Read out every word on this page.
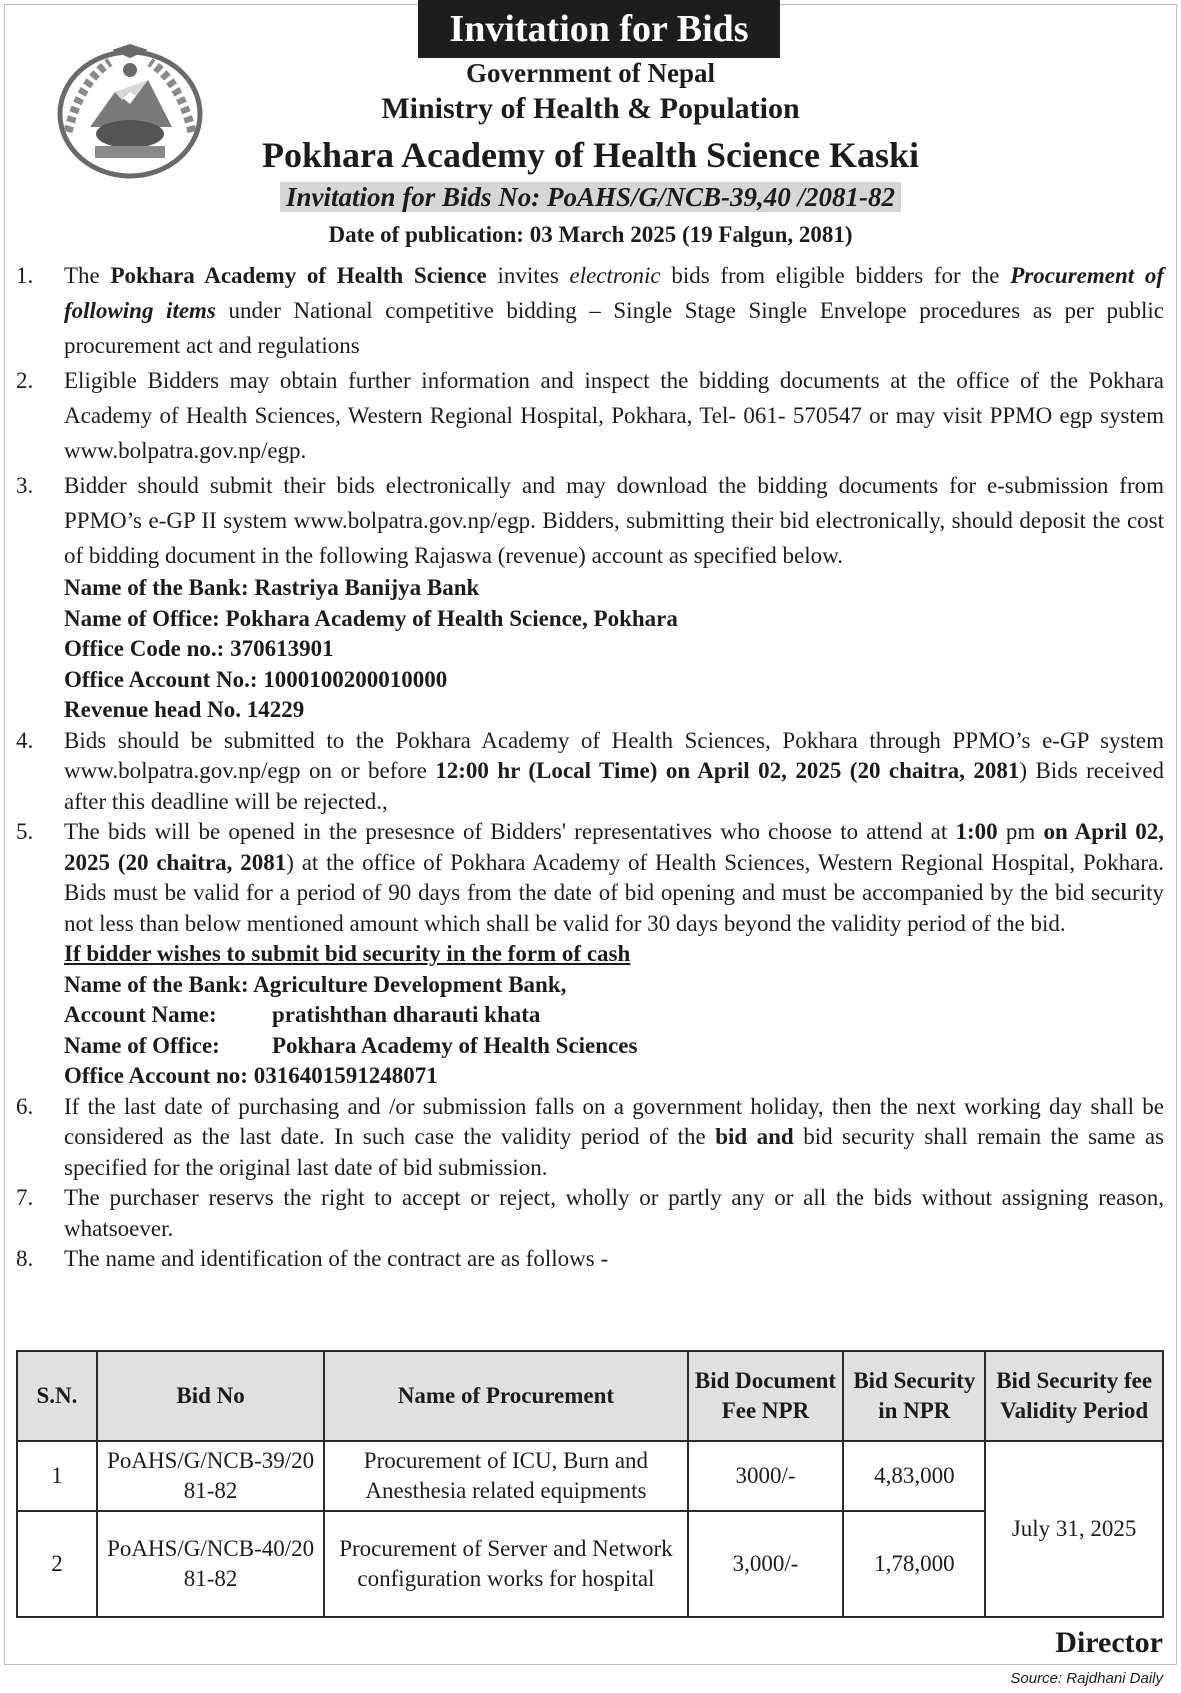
Invitation for Bids
Government of Nepal
Ministry of Health & Population
Pokhara Academy of Health Science Kaski
Invitation for Bids No: PoAHS/G/NCB-39,40 /2081-82
Date of publication: 03 March 2025 (19 Falgun, 2081)
1. The Pokhara Academy of Health Science invites electronic bids from eligible bidders for the Procurement of following items under National competitive bidding – Single Stage Single Envelope procedures as per public procurement act and regulations
2. Eligible Bidders may obtain further information and inspect the bidding documents at the office of the Pokhara Academy of Health Sciences, Western Regional Hospital, Pokhara, Tel- 061- 570547 or may visit PPMO egp system www.bolpatra.gov.np/egp.
3. Bidder should submit their bids electronically and may download the bidding documents for e-submission from PPMO’s e-GP II system www.bolpatra.gov.np/egp. Bidders, submitting their bid electronically, should deposit the cost of bidding document in the following Rajaswa (revenue) account as specified below.
Name of the Bank: Rastriya Banijya Bank
Name of Office: Pokhara Academy of Health Science, Pokhara
Office Code no.: 370613901
Office Account No.: 1000100200010000
Revenue head No. 14229
4. Bids should be submitted to the Pokhara Academy of Health Sciences, Pokhara through PPMO’s e-GP system www.bolpatra.gov.np/egp on or before 12:00 hr (Local Time) on April 02, 2025 (20 chaitra, 2081) Bids received after this deadline will be rejected.,
5. The bids will be opened in the presesnce of Bidders' representatives who choose to attend at 1:00 pm on April 02, 2025 (20 chaitra, 2081) at the office of Pokhara Academy of Health Sciences, Western Regional Hospital, Pokhara. Bids must be valid for a period of 90 days from the date of bid opening and must be accompanied by the bid security not less than below mentioned amount which shall be valid for 30 days beyond the validity period of the bid.
If bidder wishes to submit bid security in the form of cash
Name of the Bank: Agriculture Development Bank,
Account Name: pratishthan dharauti khata
Name of Office: Pokhara Academy of Health Sciences
Office Account no: 0316401591248071
6. If the last date of purchasing and /or submission falls on a government holiday, then the next working day shall be considered as the last date. In such case the validity period of the bid and bid security shall remain the same as specified for the original last date of bid submission.
7. The purchaser reservs the right to accept or reject, wholly or partly any or all the bids without assigning reason, whatsoever.
8. The name and identification of the contract are as follows -
S.N.	Bid No	Name of Procurement	Bid Document Fee NPR	Bid Security in NPR	Bid Security fee Validity Period
1	PoAHS/G/NCB-39/2081-82	Procurement of ICU, Burn and Anesthesia related equipments	3000/-	4,83,000	July 31, 2025
2	PoAHS/G/NCB-40/2081-82	Procurement of Server and Network configuration works for hospital	3,000/-	1,78,000	
Director
Source: Rajdhani Daily
